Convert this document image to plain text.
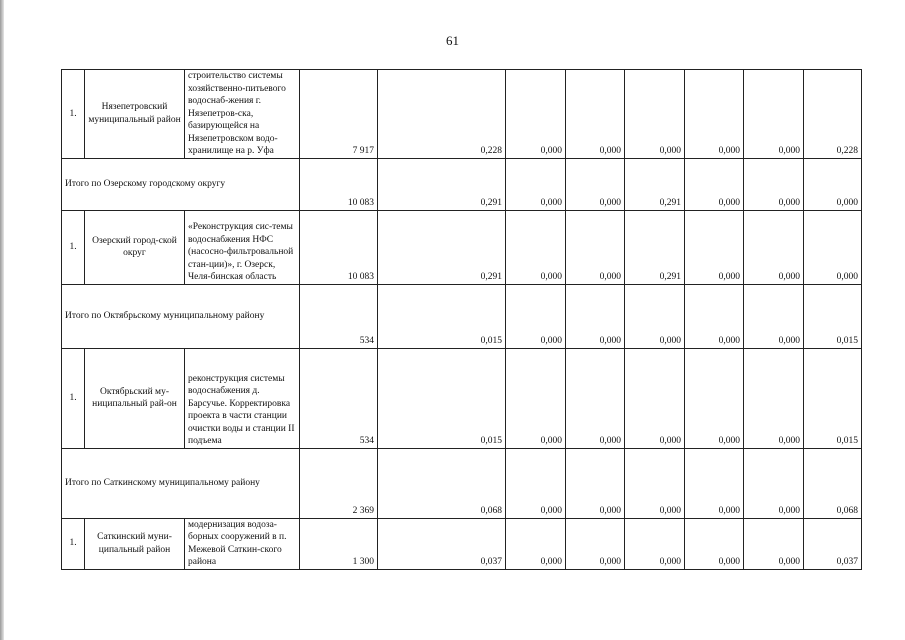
61
1.	Нязепетровский муниципальный район	строительство системы хозяйственно-питьевого водоснаб-жения г. Нязепетров-ска, базирующейся на Нязепетровском водо-хранилище на р. Уфа	7 917	0,228	0,000	0,000	0,000	0,000	0,000	0,228
Итого по Озерскому городскому округу			10 083	0,291	0,000	0,000	0,291	0,000	0,000	0,000
1.	Озерский город-ской округ	«Реконструкция сис-темы водоснабжения НФС (насосно-фильтровальной стан-ции)», г. Озерск, Челя-бинская область	10 083	0,291	0,000	0,000	0,291	0,000	0,000	0,000
Итого по Октябрьскому муниципальному району			534	0,015	0,000	0,000	0,000	0,000	0,000	0,015
1.	Октябрьский му-ниципальный рай-он	реконструкция системы водоснабжения д. Барсучье. Корректировка проекта в части станции очистки воды и станции II подъема	534	0,015	0,000	0,000	0,000	0,000	0,000	0,015
Итого по Саткинскому муниципальному району			2 369	0,068	0,000	0,000	0,000	0,000	0,000	0,068
1.	Саткинский муни-ципальный район	модернизация водоза-борных сооружений в п. Межевой Саткин-ского района	1 300	0,037	0,000	0,000	0,000	0,000	0,000	0,037
